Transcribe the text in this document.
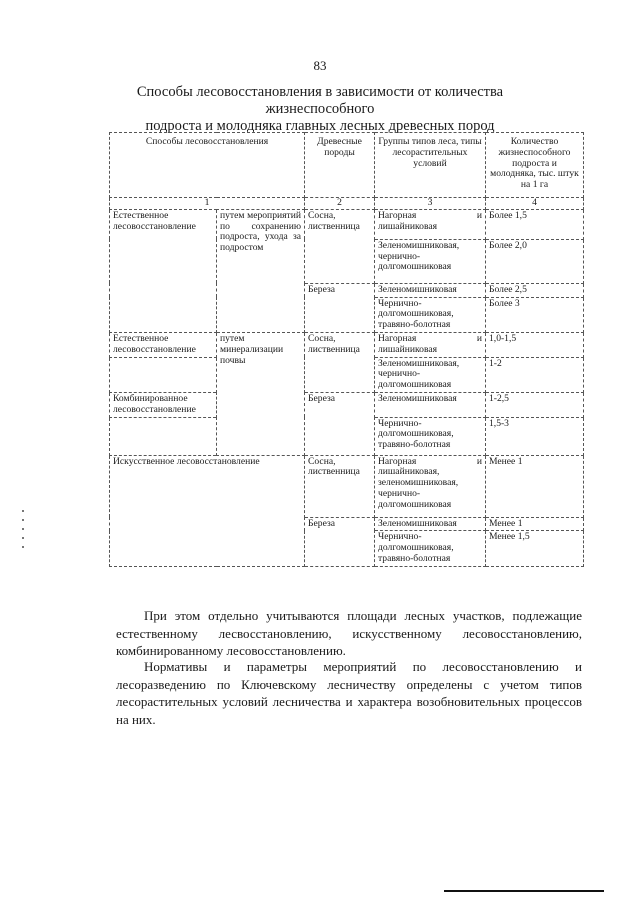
83
Способы лесовосстановления в зависимости от количества жизнеспособного
подроста и молодняка главных лесных древесных пород
Способы лесовосстановления		Древесные породы	Группы типов леса, типы лесорастительных условий	Количество жизнеспособного подроста и молодняка, тыс. штук на 1 га
1		2	3	4
Естественное лесовосстановление	путем мероприятий по сохранению подроста, ухода за подростом	Сосна, лиственница	Нагорная и лишайниковая	Более 1,5
			Зеленомишниковая, чернично-долгомошниковая	Более 2,0
		Береза	Зеленомишниковая	Более 2,5
			Чернично-долгомошниковая, травяно-болотная	Более 3
Естественное лесовосстановление	путем минерализации почвы	Сосна, лиственница	Нагорная и лишайниковая	1,0-1,5
			Зеленомишниковая, чернично-долгомошниковая	1-2
Комбинированное лесовосстановление		Береза	Зеленомишниковая	1-2,5
			Чернично-долгомошниковая, травяно-болотная	1,5-3
Искусственное лесовосстановление		Сосна, лиственница	Нагорная и лишайниковая, зеленомишниковая, чернично-долгомошниковая	Менее 1
		Береза	Зеленомишниковая	Менее 1
			Чернично-долгомошниковая, травяно-болотная	Менее 1,5

При этом отдельно учитываются площади лесных участков, подлежащие естественному лесвосстановлению, искусственному лесовосстановлению, комбинированному лесовосстановлению.

Нормативы и параметры мероприятий по лесовосстановлению и лесоразведению по Ключевскому лесничеству определены с учетом типов лесорастительных условий лесничества и характера возобновительных процессов на них.
